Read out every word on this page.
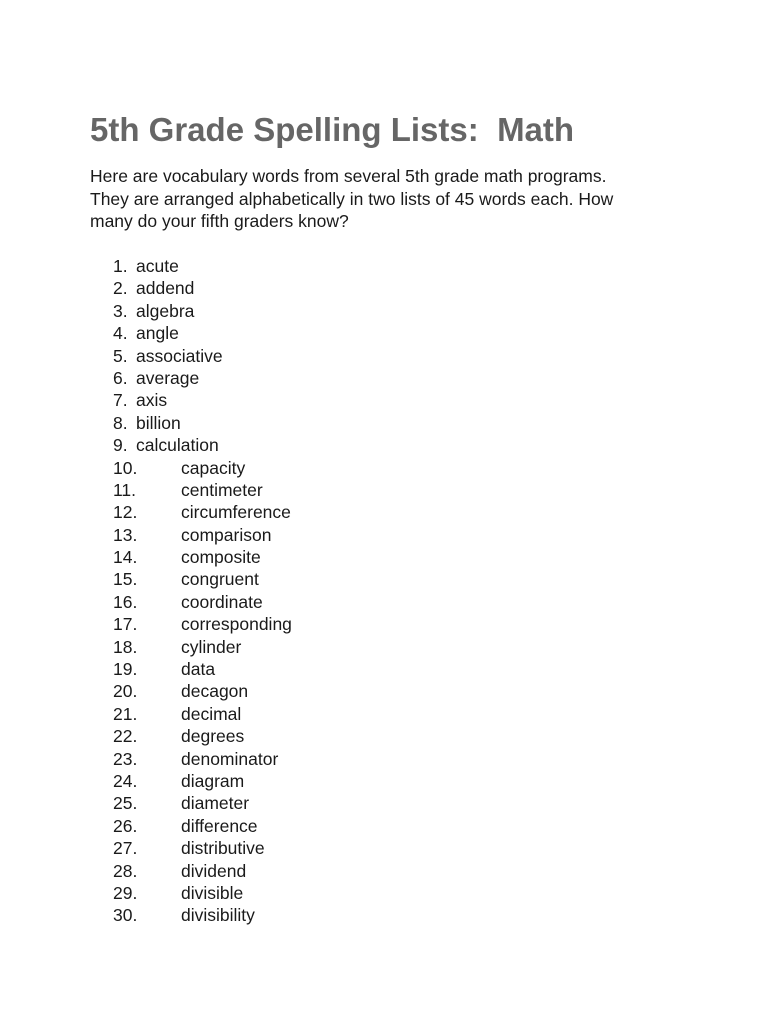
5th Grade Spelling Lists:  Math

Here are vocabulary words from several 5th grade math programs.
They are arranged alphabetically in two lists of 45 words each. How
many do your fifth graders know?

1. acute
2. addend
3. algebra
4. angle
5. associative
6. average
7. axis
8. billion
9. calculation
10. capacity
11.	centimeter
12. circumference
13. comparison
14. composite
15. congruent
16. coordinate
17. corresponding
18. cylinder
19. data
20. decagon
21. decimal
22. degrees
23. denominator
24. diagram
25. diameter
26. difference
27. distributive
28. dividend
29. divisible
30. divisibility
